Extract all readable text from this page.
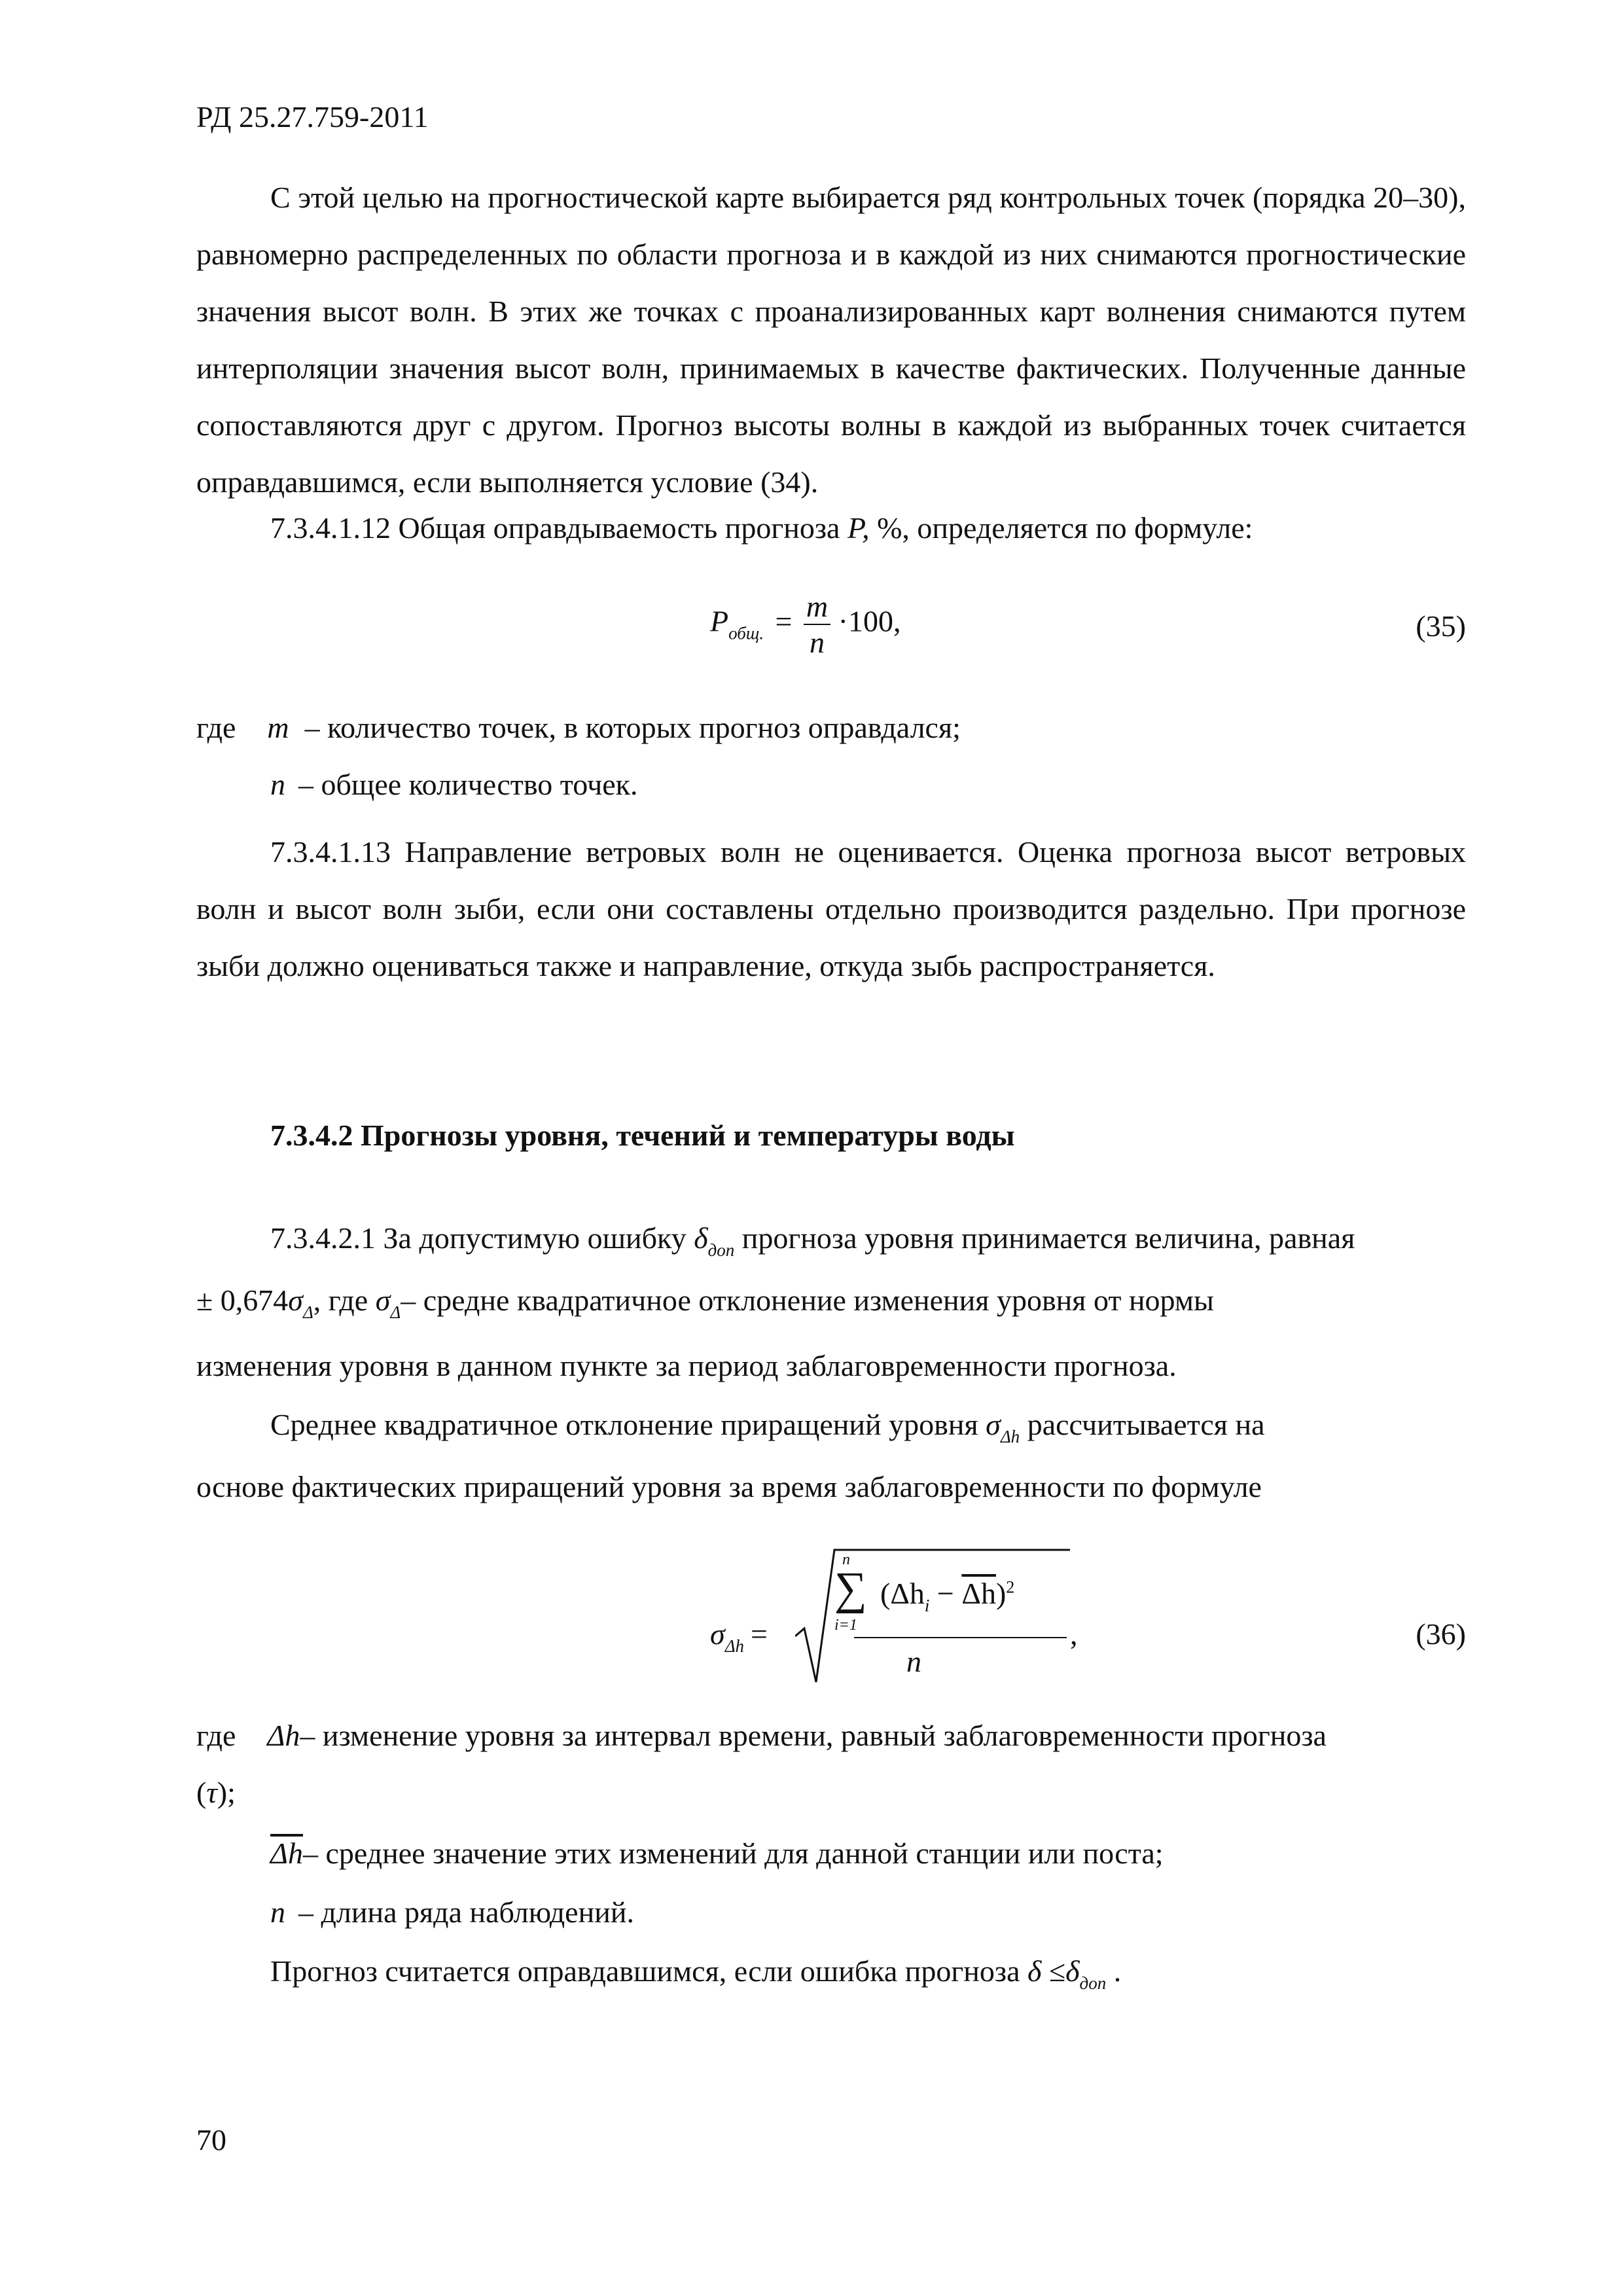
РД 25.27.759-2011

С этой целью на прогностической карте выбирается ряд контрольных точек (порядка 20–30), равномерно распределенных по области прогноза и в каждой из них снимаются прогностические значения высот волн. В этих же точках с проанализированных карт волнения снимаются путем интерполяции значения высот волн, принимаемых в качестве фактических. Полученные данные сопоставляются друг с другом. Прогноз высоты волны в каждой из выбранных точек считается оправдавшимся, если выполняется условие (34).

7.3.4.1.12 Общая оправдываемость прогноза P, %, определяется по формуле:
$P_{общ.} = \frac{m}{n} \cdot 100$,	(35)
где m – количество точек, в которых прогноз оправдался;
n – общее количество точек.

7.3.4.1.13 Направление ветровых волн не оценивается. Оценка прогноза высот ветровых волн и высот волн зыби, если они составлены отдельно производится раздельно. При прогнозе зыби должно оцениваться также и направление, откуда зыбь распространяется.

7.3.4.2 Прогнозы уровня, течений и температуры воды
7.3.4.2.1 За допустимую ошибку $\delta_{доп}$ прогноза уровня принимается величина, равная
± $0,674\sigma_\Delta$, где $\sigma_\Delta-$ средне квадратичное отклонение изменения уровня от нормы
изменения уровня в данном пункте за период заблаговременности прогноза.
Среднее квадратичное отклонение приращений уровня $\sigma_{\Delta h}$ рассчитывается на
основе фактических приращений уровня за время заблаговременности по формуле
$\sigma_{\Delta h}$ =
n
∑
i=1
$(\Delta h_i - \overline{\Delta h})^2$
n
,	(36)
где Δh– изменение уровня за интервал времени, равный заблаговременности прогноза
(τ);
$\overline{\Delta h}-$ среднее значение этих изменений для данной станции или поста;
n – длина ряда наблюдений.
Прогноз считается оправдавшимся, если ошибка прогноза $\delta \le\delta_{доп}$ .
70
